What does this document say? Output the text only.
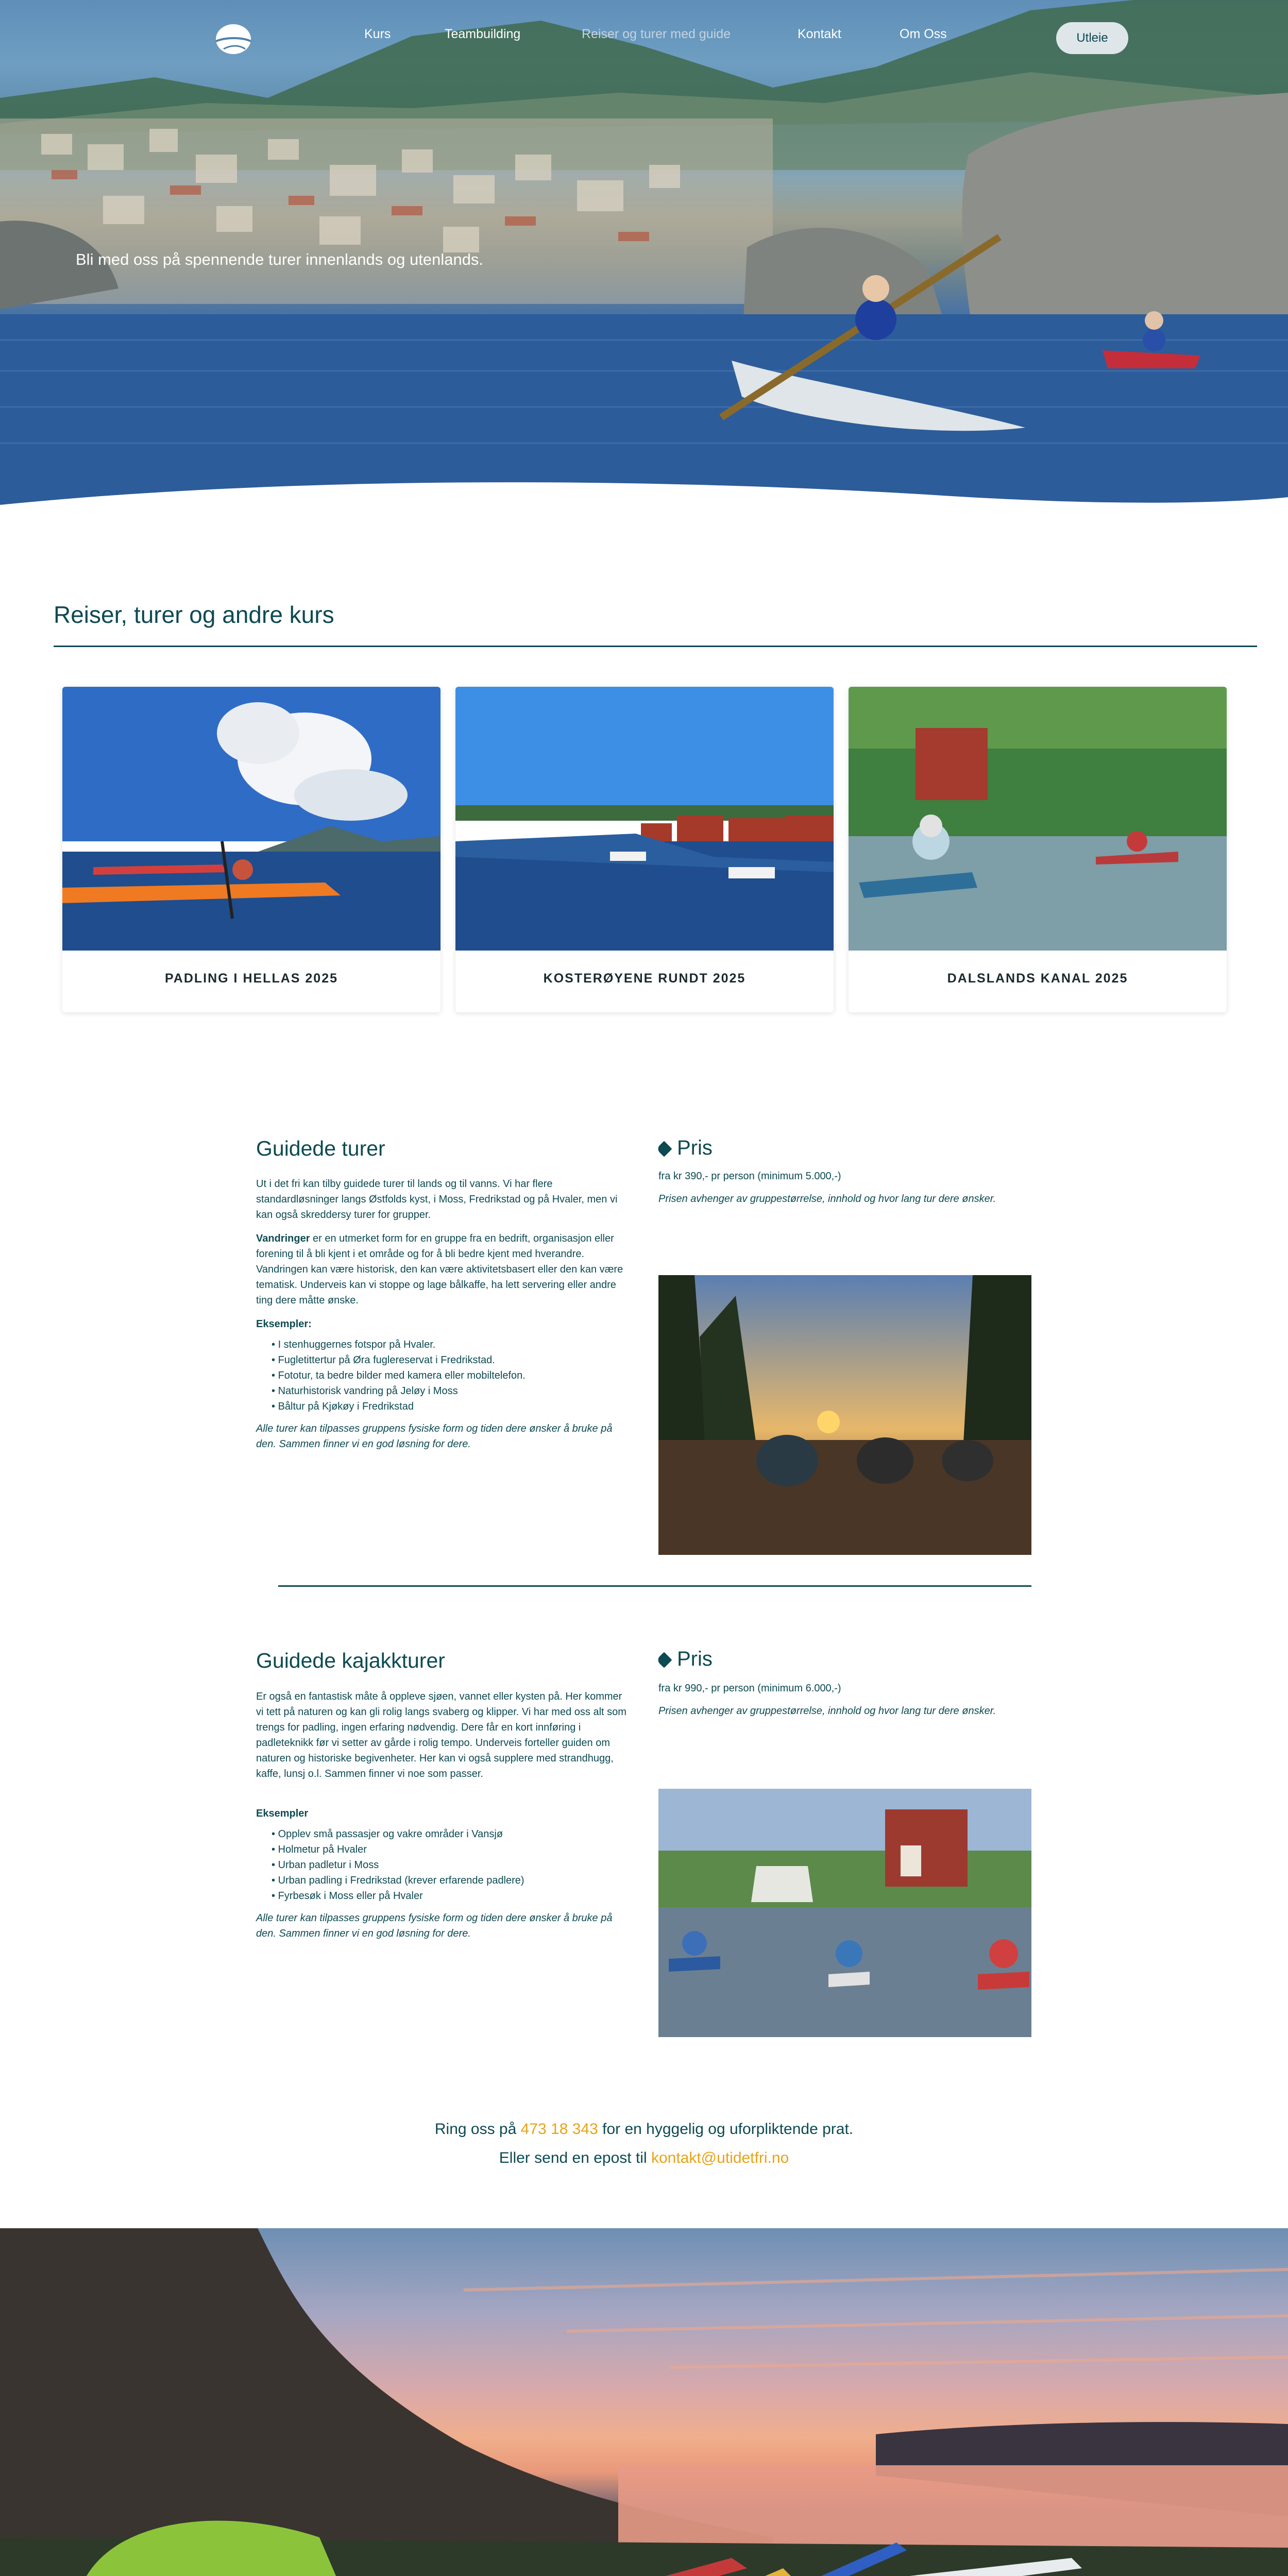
Kurs	Teambuilding	Reiser og turer med guide	Kontakt	Om Oss	Utleie
Bli med oss på spennende turer innenlands og utenlands.
Reiser, turer og andre kurs
PADLING I HELLAS 2025	KOSTERØYENE RUNDT 2025	DALSLANDS KANAL 2025
Guidede turer
Ut i det fri kan tilby guidede turer til lands og til vanns. Vi har flere standardløsninger langs Østfolds kyst, i Moss, Fredrikstad og på Hvaler, men vi kan også skreddersy turer for grupper.
Vandringer er en utmerket form for en gruppe fra en bedrift, organisasjon eller forening til å bli kjent i et område og for å bli bedre kjent med hverandre. Vandringen kan være historisk, den kan være aktivitetsbasert eller den kan være tematisk. Underveis kan vi stoppe og lage bålkaffe, ha lett servering eller andre ting dere måtte ønske.
Eksempler:
• I stenhuggernes fotspor på Hvaler.
• Fugletittertur på Øra fuglereservat i Fredrikstad.
• Fototur, ta bedre bilder med kamera eller mobiltelefon.
• Naturhistorisk vandring på Jeløy i Moss
• Båltur på Kjøkøy i Fredrikstad
Alle turer kan tilpasses gruppens fysiske form og tiden dere ønsker å bruke på den. Sammen finner vi en god løsning for dere.
Pris
fra kr 390,- pr person (minimum 5.000,-)
Prisen avhenger av gruppestørrelse, innhold og hvor lang tur dere ønsker.
Guidede kajakkturer
Er også en fantastisk måte å oppleve sjøen, vannet eller kysten på. Her kommer vi tett på naturen og kan gli rolig langs svaberg og klipper. Vi har med oss alt som trengs for padling, ingen erfaring nødvendig. Dere får en kort innføring i padleteknikk før vi setter av gårde i rolig tempo. Underveis forteller guiden om naturen og historiske begivenheter. Her kan vi også supplere med strandhugg, kaffe, lunsj o.l. Sammen finner vi noe som passer.
Eksempler
• Opplev små passasjer og vakre områder i Vansjø
• Holmetur på Hvaler
• Urban padletur i Moss
• Urban padling i Fredrikstad (krever erfarende padlere)
• Fyrbesøk i Moss eller på Hvaler
Alle turer kan tilpasses gruppens fysiske form og tiden dere ønsker å bruke på den. Sammen finner vi en god løsning for dere.
Pris
fra kr 990,- pr person (minimum 6.000,-)
Prisen avhenger av gruppestørrelse, innhold og hvor lang tur dere ønsker.
Ring oss på 473 18 343 for en hyggelig og uforpliktende prat.
Eller send en epost til kontakt@utidetfri.no
